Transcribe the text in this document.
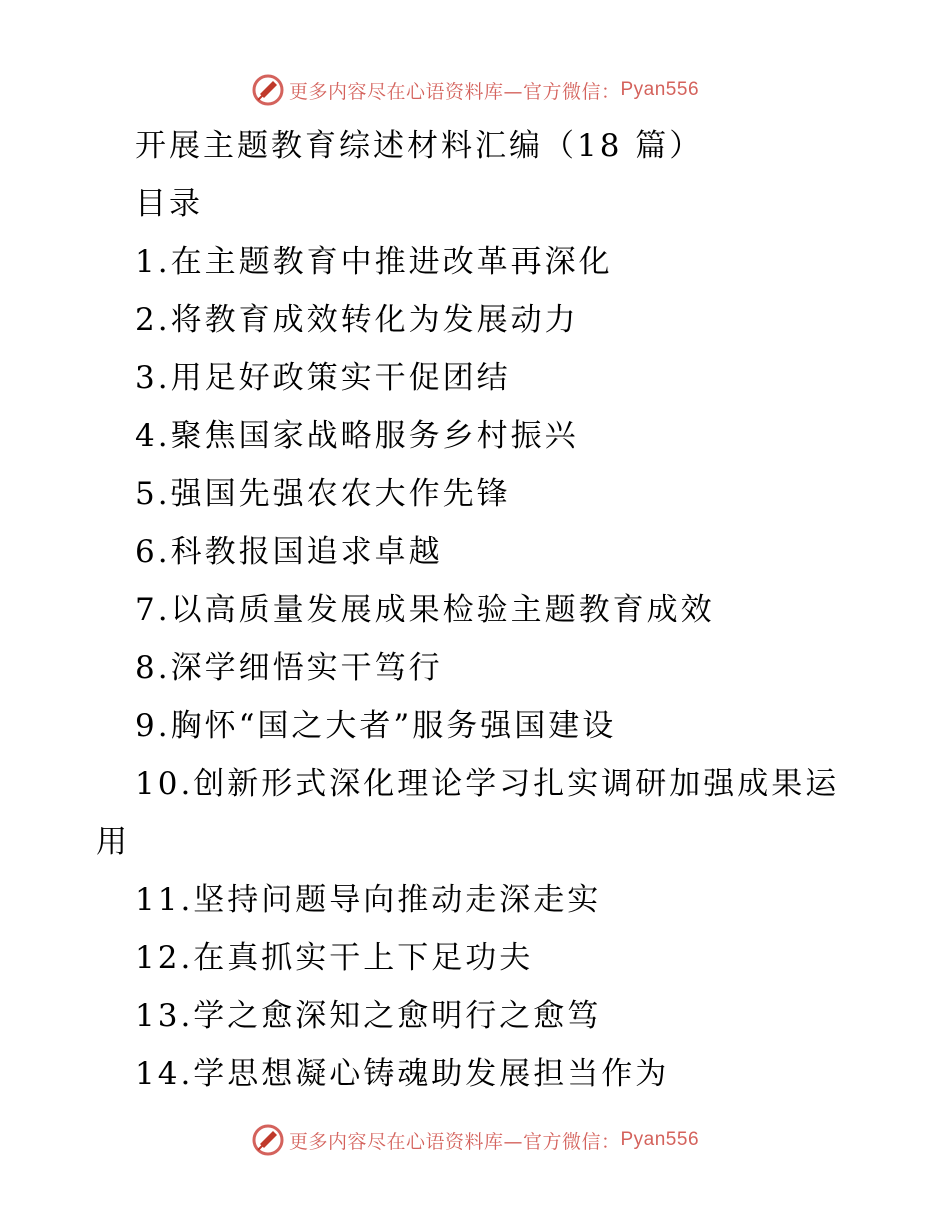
更多内容尽在心语资料库—官方微信： Pyan556
开展主题教育综述材料汇编（18 篇）
目录
1.在主题教育中推进改革再深化
2.将教育成效转化为发展动力
3.用足好政策实干促团结
4.聚焦国家战略服务乡村振兴
5.强国先强农农大作先锋
6.科教报国追求卓越
7.以高质量发展成果检验主题教育成效
8.深学细悟实干笃行
9.胸怀“国之大者”服务强国建设
10.创新形式深化理论学习扎实调研加强成果运
用
11.坚持问题导向推动走深走实
12.在真抓实干上下足功夫
13.学之愈深知之愈明行之愈笃
14.学思想凝心铸魂助发展担当作为
更多内容尽在心语资料库—官方微信： Pyan556
